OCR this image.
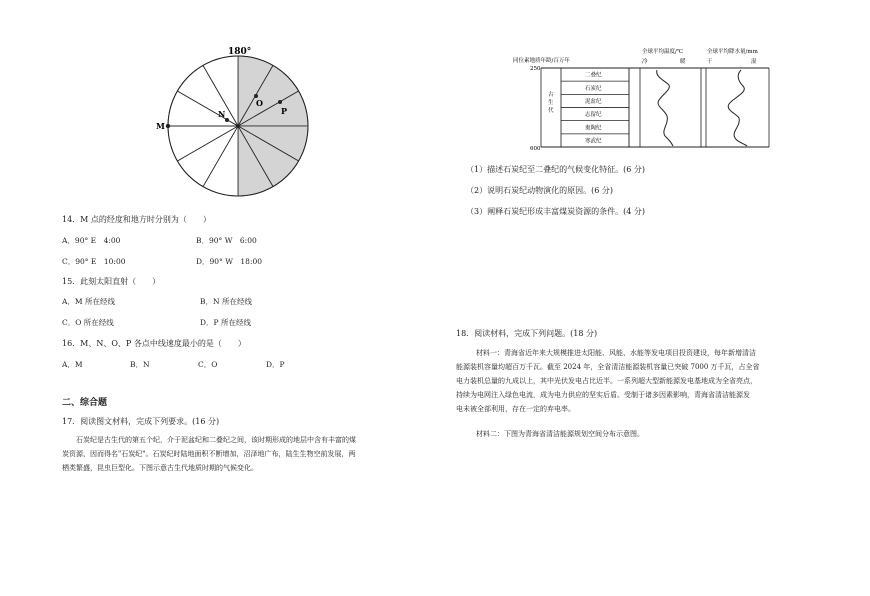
180°
M
N
O
P
14．M 点的经度和地方时分别为（　　）
A．90° E　4:00	B．90° W　6:00
C．90° E　10:00	D．90° W　18:00
15．此刻太阳直射（　　）
A．M 所在经线	B．N 所在经线
C．O 所在经线	D．P 所在经线
16．M、N、O、P 各点中线速度最小的是（　　）
A．M	B．N	C．O	D．P
二、综合题
17．阅读图文材料，完成下列要求。(16 分)
石炭纪是古生代的第五个纪，介于泥盆纪和二叠纪之间，该时期形成的地层中含有丰富的煤
炭资源，因而得名"石炭纪"。石炭纪时陆地面积不断增加，沼泽地广布，陆生生物空前发展，两
栖类繁盛，昆虫巨型化。下图示意古生代地质时期的气候变化。
同位素地质年龄/百万年
全球平均温度/℃
冷	暖
全球平均降水量/mm
干	湿
250
600
古
生
代
二叠纪
石炭纪
泥盆纪
志留纪
奥陶纪
寒武纪
（1）描述石炭纪至二叠纪的气候变化特征。(6 分)
（2）说明石炭纪动物演化的原因。(6 分)
（3）阐释石炭纪形成丰富煤炭资源的条件。(4 分)
18．阅读材料，完成下列问题。(18 分)
材料一：青海省近年来大规模推进太阳能、风能、水能等发电项目投资建设，每年新增清洁
能源装机容量均超百万千瓦。截至 2024 年，全省清洁能源装机容量已突破 7000 万千瓦，占全省
电力装机总量的九成以上，其中光伏发电占比近半。一系列超大型新能源发电基地成为全省亮点，
持续为电网注入绿色电流，成为电力供应的坚实后盾。受制于诸多因素影响，青海省清洁能源发
电未被全部利用，存在一定的弃电率。
材料二：下图为青海省清洁能源规划空间分布示意图。
